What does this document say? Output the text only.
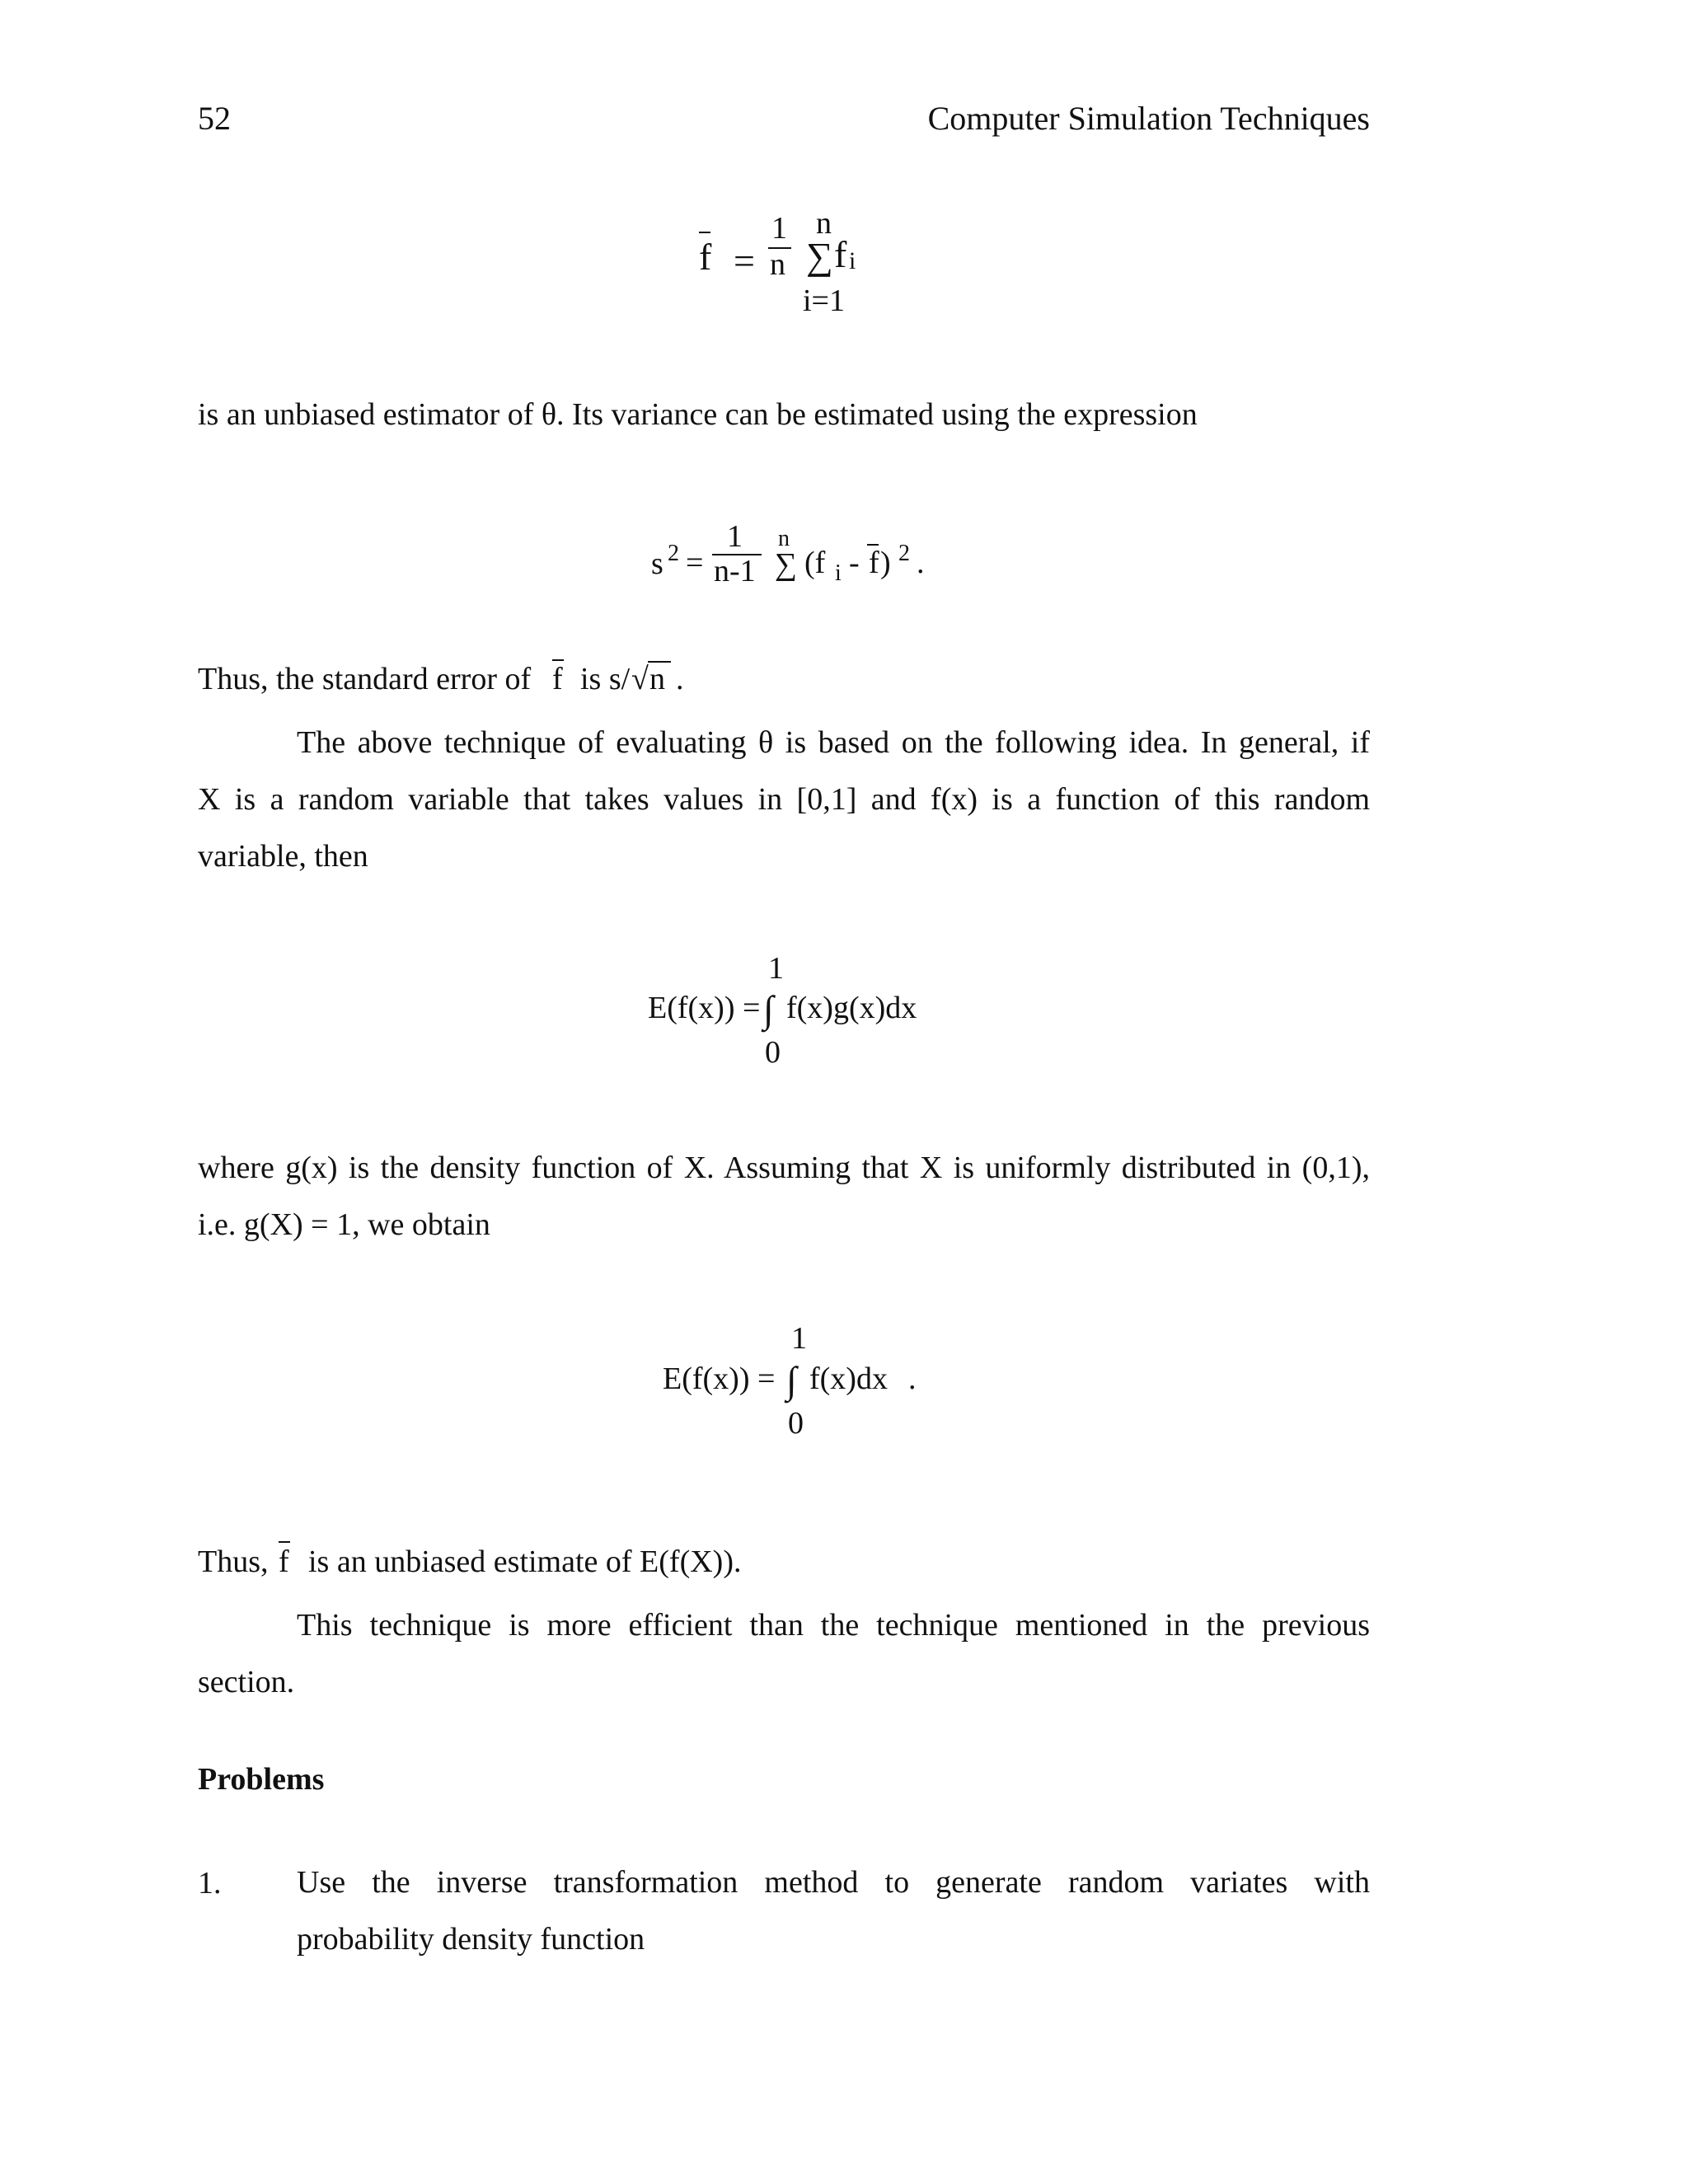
52	Computer Simulation Techniques
f =
1
n
n
∑ f i
i=1
is an unbiased estimator of θ. Its variance can be estimated using the expression
s 2 =
1
n-1
n
∑ (f i - f ) 2 .
Thus, the standard error of f is s/ √ n .
The above technique of evaluating θ is based on the following idea. In general, if
X is a random variable that takes values in [0,1] and f(x) is a function of this random
variable, then
1
E(f(x)) = ∫ f(x)g(x)dx
0
where g(x) is the density function of X. Assuming that X is uniformly distributed in (0,1),
i.e. g(X) = 1, we obtain
1
E(f(x)) = ∫ f(x)dx .
0
Thus, f is an unbiased estimate of E(f(X)).
This technique is more efficient than the technique mentioned in the previous
section.
Problems
1. Use the inverse transformation method to generate random variates with
probability density function
